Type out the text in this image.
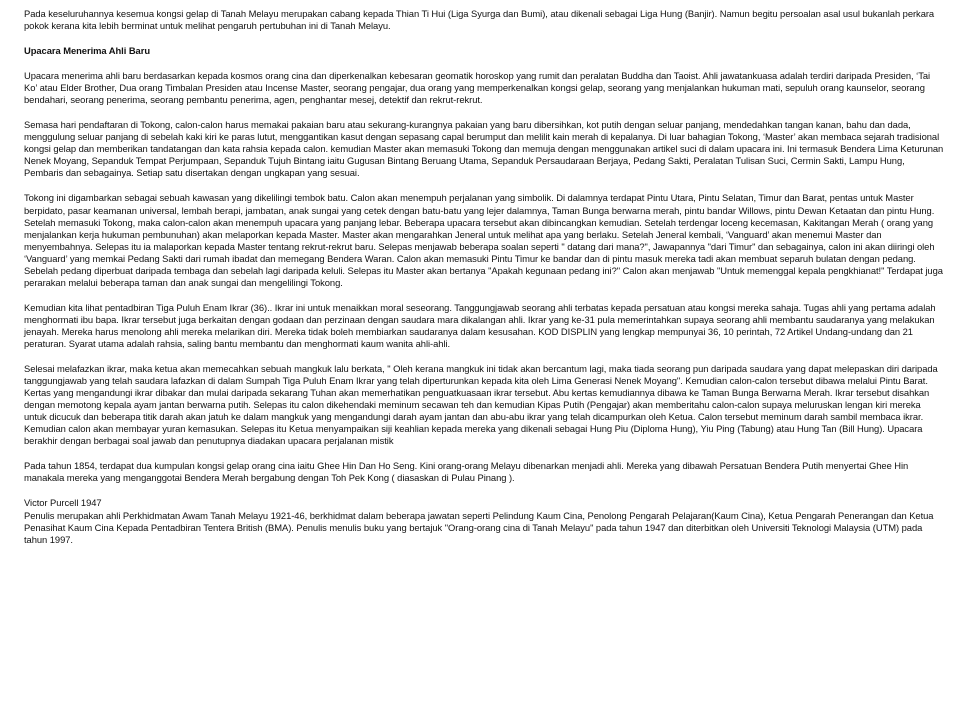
Pada keseluruhannya kesemua kongsi gelap di Tanah Melayu merupakan cabang kepada Thian Ti Hui (Liga Syurga dan Bumi), atau dikenali sebagai Liga Hung (Banjir). Namun begitu persoalan asal usul bukanlah perkara pokok kerana kita lebih berminat untuk melihat pengaruh pertubuhan ini di Tanah Melayu.

Upacara Menerima Ahli Baru

Upacara menerima ahli baru berdasarkan kepada kosmos orang cina dan diperkenalkan kebesaran geomatik horoskop yang rumit dan peralatan Buddha dan Taoist. Ahli jawatankuasa adalah terdiri daripada Presiden, ‘Tai Ko’ atau Elder Brother, Dua orang Timbalan Presiden atau Incense Master, seorang pengajar, dua orang yang memperkenalkan kongsi gelap, seorang yang menjalankan hukuman mati, sepuluh orang kaunselor, seorang bendahari, seorang penerima, seorang pembantu penerima, agen, penghantar mesej, detektif dan rekrut-rekrut.

Semasa hari pendaftaran di Tokong, calon-calon harus memakai pakaian baru atau sekurang-kurangnya pakaian yang baru dibersihkan, kot putih dengan seluar panjang, mendedahkan tangan kanan, bahu dan dada, menggulung seluar panjang di sebelah kaki kiri ke paras lutut, menggantikan kasut dengan sepasang capal berumput dan melilit kain merah di kepalanya. Di luar bahagian Tokong, ‘Master’ akan membaca sejarah tradisional kongsi gelap dan memberikan tandatangan dan kata rahsia kepada calon. kemudian Master akan memasuki Tokong dan memuja dengan menggunakan artikel suci di dalam upacara ini. Ini termasuk Bendera Lima Keturunan Nenek Moyang, Sepanduk Tempat Perjumpaan, Sepanduk Tujuh Bintang iaitu Gugusan Bintang Beruang Utama, Sepanduk Persaudaraan Berjaya, Pedang Sakti, Peralatan Tulisan Suci, Cermin Sakti, Lampu Hung, Pembaris dan sebagainya. Setiap satu disertakan dengan ungkapan yang sesuai.

Tokong ini digambarkan sebagai sebuah kawasan yang dikelilingi tembok batu. Calon akan menempuh perjalanan yang simbolik. Di dalamnya terdapat Pintu Utara, Pintu Selatan, Timur dan Barat, pentas untuk Master berpidato, pasar keamanan universal, lembah berapi, jambatan, anak sungai yang cetek dengan batu-batu yang lejer dalamnya, Taman Bunga berwarna merah, pintu bandar Willows, pintu Dewan Ketaatan dan pintu Hung. Setelah memasuki Tokong, maka calon-calon akan menempuh upacara yang panjang lebar. Beberapa upacara tersebut akan dibincangkan kemudian. Setelah terdengar loceng kecemasan, Kakitangan Merah ( orang yang menjalankan kerja hukuman pembunuhan) akan melaporkan kepada Master. Master akan mengarahkan Jeneral untuk melihat apa yang berlaku. Setelah Jeneral kembali, ‘Vanguard’ akan menemui Master dan menyembahnya. Selepas itu ia malaporkan kepada Master tentang rekrut-rekrut baru. Selepas menjawab beberapa soalan seperti " datang dari mana?", Jawapannya "dari Timur" dan sebagainya, calon ini akan diiringi oleh ‘Vanguard’ yang memkai Pedang Sakti dari rumah ibadat dan memegang Bendera Waran. Calon akan memasuki Pintu Timur ke bandar dan di pintu masuk mereka tadi akan membuat separuh bulatan dengan pedang. Sebelah pedang diperbuat daripada tembaga dan sebelah lagi daripada keluli. Selepas itu Master akan bertanya "Apakah kegunaan pedang ini?" Calon akan menjawab "Untuk memenggal kepala pengkhianat!" Terdapat juga perarakan melalui beberapa taman dan anak sungai dan mengelilingi Tokong.

Kemudian kita lihat pentadbiran Tiga Puluh Enam Ikrar (36).. Ikrar ini untuk menaikkan moral seseorang. Tanggungjawab seorang ahli terbatas kepada persatuan atau kongsi mereka sahaja. Tugas ahli yang pertama adalah menghormati ibu bapa. Ikrar tersebut juga berkaitan dengan godaan dan perzinaan dengan saudara mara dikalangan ahli. Ikrar yang ke-31 pula memerintahkan supaya seorang ahli membantu saudaranya yang melakukan jenayah. Mereka harus menolong ahli mereka melarikan diri. Mereka tidak boleh membiarkan saudaranya dalam kesusahan. KOD DISPLIN yang lengkap mempunyai 36, 10 perintah, 72 Artikel Undang-undang dan 21 peraturan. Syarat utama adalah rahsia, saling bantu membantu dan menghormati kaum wanita ahli-ahli.

Selesai melafazkan ikrar, maka ketua akan memecahkan sebuah mangkuk lalu berkata, " Oleh kerana mangkuk ini tidak akan bercantum lagi, maka tiada seorang pun daripada saudara yang dapat melepaskan diri daripada tanggungjawab yang telah saudara lafazkan di dalam Sumpah Tiga Puluh Enam Ikrar yang telah diperturunkan kepada kita oleh Lima Generasi Nenek Moyang". Kemudian calon-calon tersebut dibawa melalui Pintu Barat. Kertas yang mengandungi ikrar dibakar dan mulai daripada sekarang Tuhan akan memerhatikan penguatkuasaan ikrar tersebut. Abu kertas kemudiannya dibawa ke Taman Bunga Berwarna Merah. Ikrar tersebut disahkan dengan memotong kepala ayam jantan berwarna putih. Selepas itu calon dikehendaki meminum secawan teh dan kemudian Kipas Putih (Pengajar) akan memberitahu calon-calon supaya meluruskan lengan kiri mereka untuk dicucuk dan beberapa titik darah akan jatuh ke dalam mangkuk yang mengandungi darah ayam jantan dan abu-abu ikrar yang telah dicampurkan oleh Ketua. Calon tersebut meminum darah sambil membaca ikrar. Kemudian calon akan membayar yuran kemasukan. Selepas itu Ketua menyampaikan siji keahlian kepada mereka yang dikenali sebagai Hung Piu (Diploma Hung), Yiu Ping (Tabung) atau Hung Tan (Bill Hung). Upacara berakhir dengan berbagai soal jawab dan penutupnya diadakan upacara perjalanan mistik

Pada tahun 1854, terdapat dua kumpulan kongsi gelap orang cina iaitu Ghee Hin Dan Ho Seng. Kini orang-orang Melayu dibenarkan menjadi ahli. Mereka yang dibawah Persatuan Bendera Putih menyertai Ghee Hin manakala mereka yang menganggotai Bendera Merah bergabung dengan Toh Pek Kong ( diasaskan di Pulau Pinang ).

Victor Purcell 1947

Penulis merupakan ahli Perkhidmatan Awam Tanah Melayu 1921-46, berkhidmat dalam beberapa jawatan seperti Pelindung Kaum Cina, Penolong Pengarah Pelajaran(Kaum Cina), Ketua Pengarah Penerangan dan Ketua Penasihat Kaum Cina Kepada Pentadbiran Tentera British (BMA). Penulis menulis buku yang bertajuk "Orang-orang cina di Tanah Melayu" pada tahun 1947 dan diterbitkan oleh Universiti Teknologi Malaysia (UTM) pada tahun 1997.
